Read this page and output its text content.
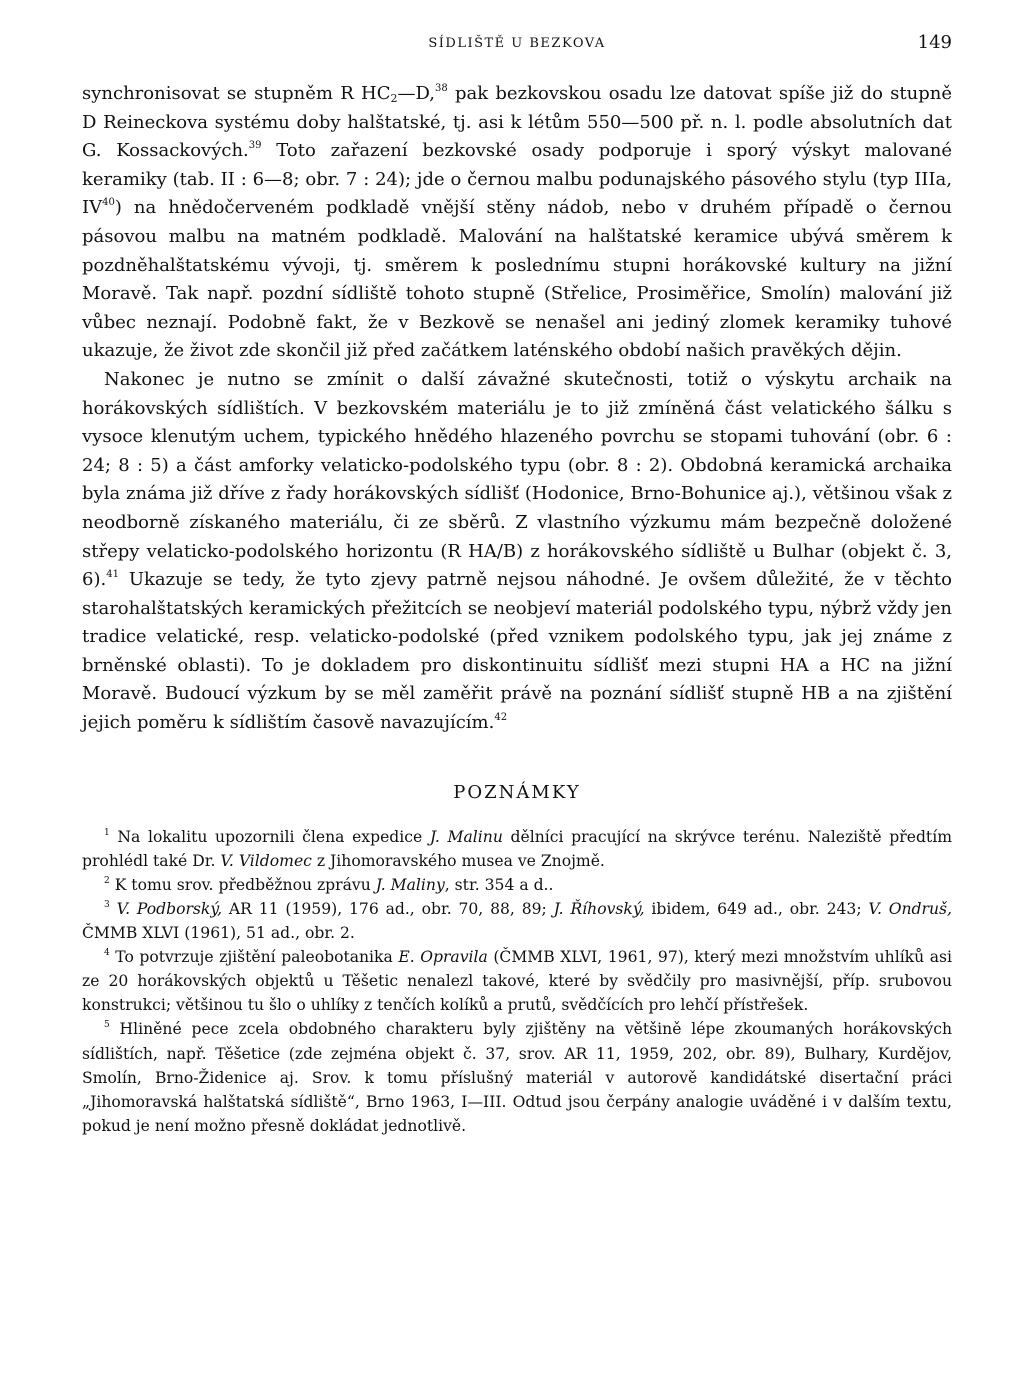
SÍDLIŠTĚ U BEZKOVA	149

synchronisovat se stupněm R $HC_2—D,^{38}$ pak bezkovskou osadu lze datovat spíše již do stupně D Reineckova systému doby halštatské, tj. asi k létům 550—500 př. n. l. podle absolutních dat G. Kossackových.$^{39}$ Toto zařazení bezkovské osady podporuje i sporý výskyt malované keramiky (tab. II : 6—8; obr. 7 : 24); jde o černou malbu podunajského pásového stylu (typ IIIa, IV$^{40}$) na hnědočerveném podkladě vnější stěny nádob, nebo v druhém případě o černou pásovou malbu na matném podkladě. Malování na halštatské keramice ubývá směrem k pozdněhalštatskému vývoji, tj. směrem k poslednímu stupni horákovské kultury na jižní Moravě. Tak např. pozdní sídliště tohoto stupně (Střelice, Prosiměřice, Smolín) malování již vůbec neznají. Podobně fakt, že v Bezkově se nenašel ani jediný zlomek keramiky tuhové ukazuje, že život zde skončil již před začátkem laténského období našich pravěkých dějin.

Nakonec je nutno se zmínit o další závažné skutečnosti, totiž o výskytu archaik na horákovských sídlištích. V bezkovském materiálu je to již zmíněná část velatického šálku s vysoce klenutým uchem, typického hnědého hlazeného povrchu se stopami tuhování (obr. 6 : 24; 8 : 5) a část amforky velaticko-podolského typu (obr. 8 : 2). Obdobná keramická archaika byla známa již dříve z řady horákovských sídlišť (Hodonice, Brno-Bohunice aj.), většinou však z neodborně získaného materiálu, či ze sběrů. Z vlastního výzkumu mám bezpečně doložené střepy velaticko-podolského horizontu (R HA/B) z horákovského sídliště u Bulhar (objekt č. 3, 6).$^{41}$ Ukazuje se tedy, že tyto zjevy patrně nejsou náhodné. Je ovšem důležité, že v těchto starohalštatských keramických přežitcích se neobjeví materiál podolského typu, nýbrž vždy jen tradice velatické, resp. velaticko-podolské (před vznikem podolského typu, jak jej známe z brněnské oblasti). To je dokladem pro diskontinuitu sídlišť mezi stupni HA a HC na jižní Moravě. Budoucí výzkum by se měl zaměřit právě na poznání sídlišť stupně HB a na zjištění jejich poměru k sídlištím časově navazujícím.$^{42}$

POZNÁMKY

$^1$ Na lokalitu upozornili člena expedice J. Malinu dělníci pracující na skrývce terénu. Naleziště předtím prohlédl také Dr. V. Vildomec z Jihomoravského musea ve Znojmě.

$^2$ K tomu srov. předběžnou zprávu J. Maliny, str. 354 a d..

$^3$ V. Podborský, AR 11 (1959), 176 ad., obr. 70, 88, 89; J. Říhovský, ibidem, 649 ad., obr. 243; V. Ondruš, ČMMB XLVI (1961), 51 ad., obr. 2.

$^4$ To potvrzuje zjištění paleobotanika E. Opravila (ČMMB XLVI, 1961, 97), který mezi množstvím uhlíků asi ze 20 horákovských objektů u Těšetic nenalezl takové, které by svědčily pro masivnější, příp. srubovou konstrukci; většinou tu šlo o uhlíky z tenčích kolíků a prutů, svědčících pro lehčí přístřešek.

$^5$ Hliněné pece zcela obdobného charakteru byly zjištěny na většině lépe zkoumaných horákovských sídlištích, např. Těšetice (zde zejména objekt č. 37, srov. AR 11, 1959, 202, obr. 89), Bulhary, Kurdějov, Smolín, Brno-Židenice aj. Srov. k tomu příslušný materiál v autorově kandidátské disertační práci „Jihomoravská halštatská sídliště“, Brno 1963, I—III. Odtud jsou čerpány analogie uváděné i v dalším textu, pokud je není možno přesně dokládat jednotlivě.
